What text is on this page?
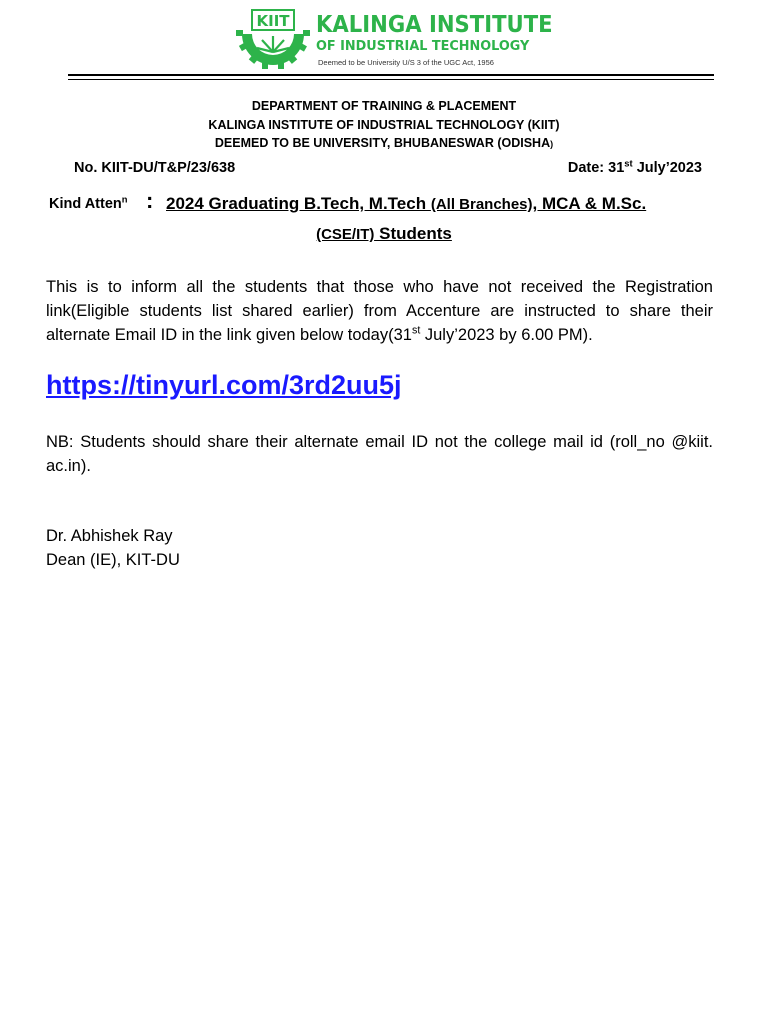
KIIT KALINGA INSTITUTE
OF INDUSTRIAL TECHNOLOGY
Deemed to be University U/S 3 of the UGC Act, 1956
DEPARTMENT OF TRAINING & PLACEMENT
KALINGA INSTITUTE OF INDUSTRIAL TECHNOLOGY (KIIT)
DEEMED TO BE UNIVERSITY, BHUBANESWAR (ODISHA)
No. KIIT-DU/T&P/23/638	Date: 31st July’2023
Kind Atten$^n$ : 2024 Graduating B.Tech, M.Tech (All Branches), MCA & M.Sc.
(CSE/IT) Students
This is to inform all the students that those who have not received the Registration link(Eligible students list shared earlier) from Accenture are instructed to share their alternate Email ID in the link given below today(31st July’2023 by 6.00 PM).
https://tinyurl.com/3rd2uu5j
NB: Students should share their alternate email ID not the college mail id (roll_no @kiit. ac.in).
Dr. Abhishek Ray
Dean (IE), KIT-DU
